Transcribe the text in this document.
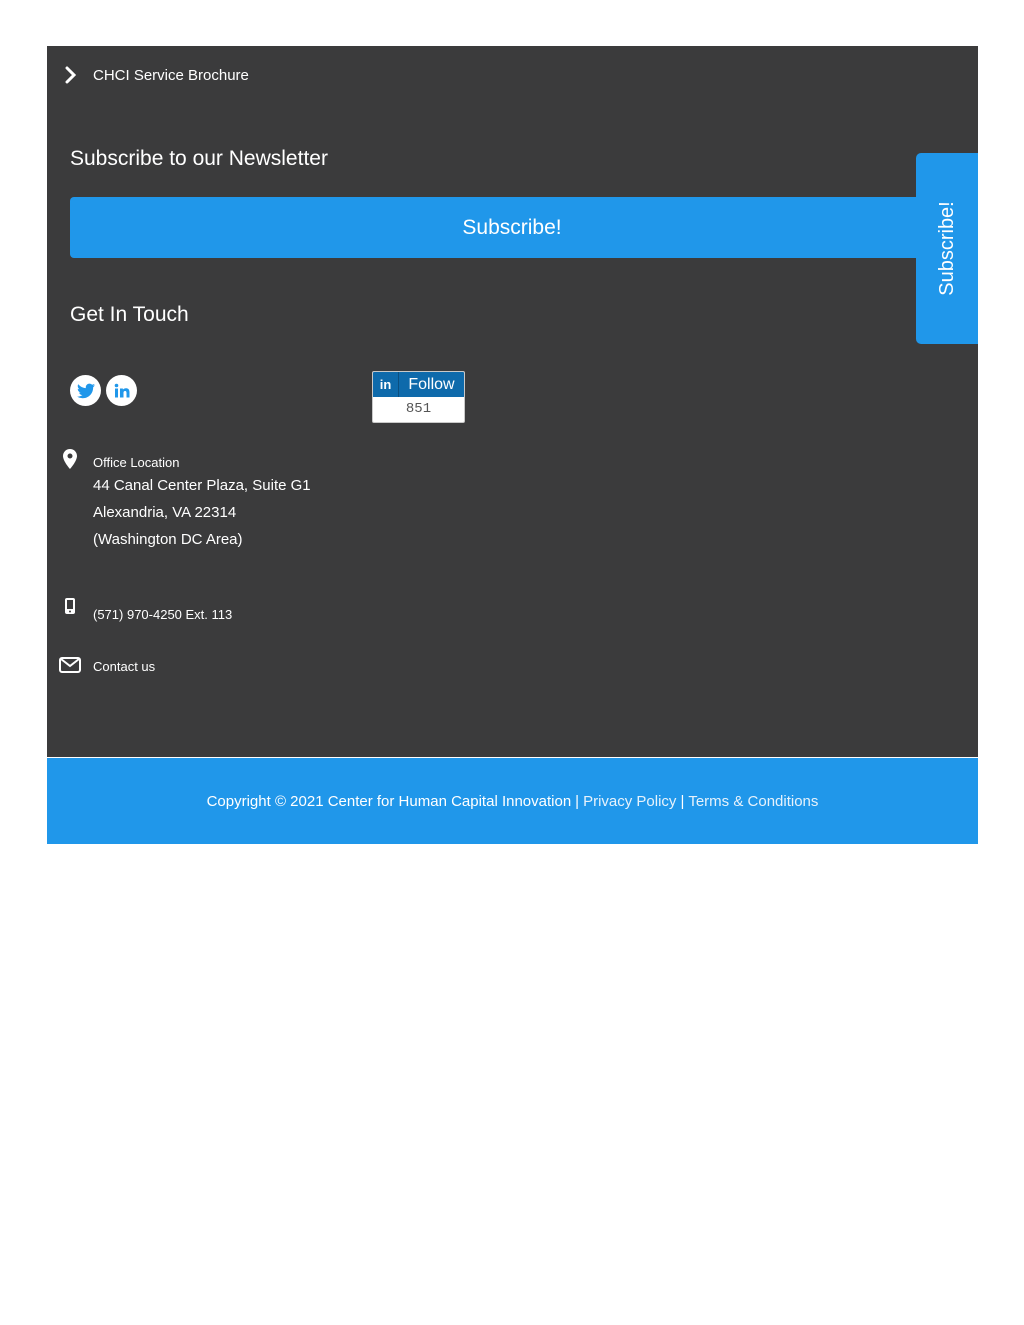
CHCI Service Brochure
Subscribe to our Newsletter
Subscribe!
Get In Touch
in	Follow
851
Office Location
44 Canal Center Plaza, Suite G1
Alexandria, VA 22314
(Washington DC Area)
(571) 970-4250 Ext. 113
Contact us
Copyright © 2021 Center for Human Capital Innovation | Privacy Policy | Terms & Conditions
Subscribe!
